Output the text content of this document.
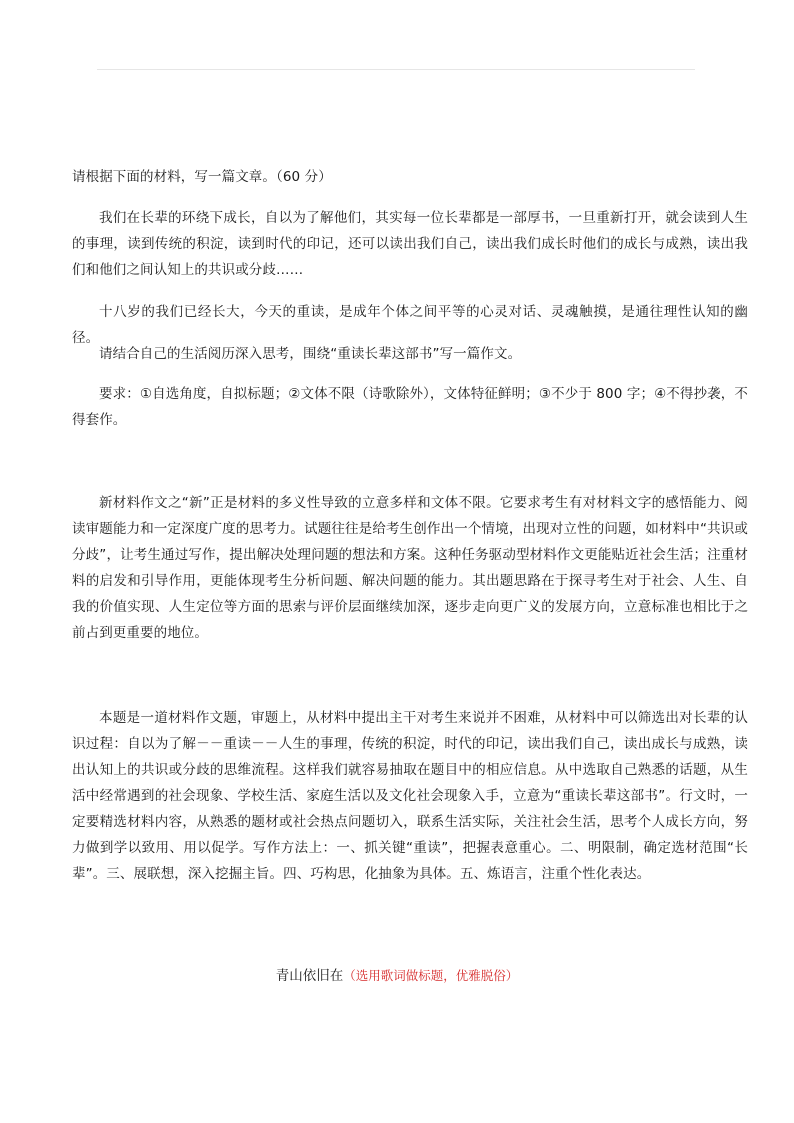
请根据下面的材料，写一篇文章。（60 分）

我们在长辈的环绕下成长，自以为了解他们，其实每一位长辈都是一部厚书，一旦重新打开，就会读到人生的事理，读到传统的积淀，读到时代的印记，还可以读出我们自己，读出我们成长时他们的成长与成熟，读出我们和他们之间认知上的共识或分歧……

十八岁的我们已经长大，今天的重读，是成年个体之间平等的心灵对话、灵魂触摸，是通往理性认知的幽径。

请结合自己的生活阅历深入思考，围绕“重读长辈这部书”写一篇作文。

要求：①自选角度，自拟标题；②文体不限（诗歌除外），文体特征鲜明；③不少于 800 字；④不得抄袭，不得套作。

新材料作文之“新”正是材料的多义性导致的立意多样和文体不限。它要求考生有对材料文字的感悟能力、阅读审题能力和一定深度广度的思考力。试题往往是给考生创作出一个情境，出现对立性的问题，如材料中“共识或分歧”，让考生通过写作，提出解决处理问题的想法和方案。这种任务驱动型材料作文更能贴近社会生活；注重材料的启发和引导作用，更能体现考生分析问题、解决问题的能力。其出题思路在于探寻考生对于社会、人生、自我的价值实现、人生定位等方面的思索与评价层面继续加深，逐步走向更广义的发展方向，立意标准也相比于之前占到更重要的地位。

本题是一道材料作文题，审题上，从材料中提出主干对考生来说并不困难，从材料中可以筛选出对长辈的认识过程：自以为了解－－重读－－人生的事理，传统的积淀，时代的印记，读出我们自己，读出成长与成熟，读出认知上的共识或分歧的思维流程。这样我们就容易抽取在题目中的相应信息。从中选取自己熟悉的话题，从生活中经常遇到的社会现象、学校生活、家庭生活以及文化社会现象入手，立意为“重读长辈这部书”。行文时，一定要精选材料内容，从熟悉的题材或社会热点问题切入，联系生活实际，关注社会生活，思考个人成长方向，努力做到学以致用、用以促学。写作方法上：一、抓关键“重读”，把握表意重心。二、明限制，确定选材范围“长辈”。三、展联想，深入挖掘主旨。四、巧构思，化抽象为具体。五、炼语言，注重个性化表达。

青山依旧在（选用歌词做标题，优雅脱俗）
